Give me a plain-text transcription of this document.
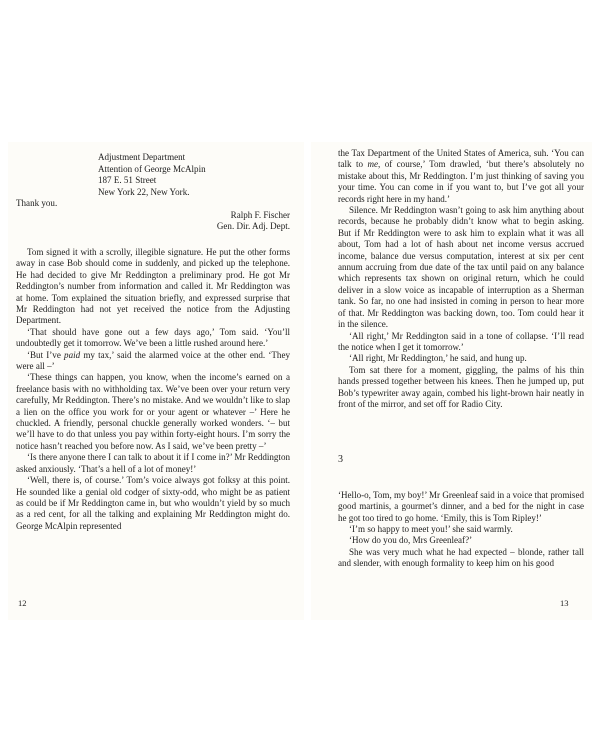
Adjustment Department
Attention of George McAlpin
187 E. 51 Street
New York 22, New York.

Thank you.

Ralph F. Fischer
Gen. Dir. Adj. Dept.

Tom signed it with a scrolly, illegible signature. He put the other forms away in case Bob should come in suddenly, and picked up the telephone. He had decided to give Mr Reddington a preliminary prod. He got Mr Reddington’s number from information and called it. Mr Reddington was at home. Tom explained the situation briefly, and expressed surprise that Mr Reddington had not yet received the notice from the Adjusting Department.

‘That should have gone out a few days ago,’ Tom said. ‘You’ll undoubtedly get it tomorrow. We’ve been a little rushed around here.’

‘But I’ve paid my tax,’ said the alarmed voice at the other end. ‘They were all –’

‘These things can happen, you know, when the income’s earned on a freelance basis with no withholding tax. We’ve been over your return very carefully, Mr Reddington. There’s no mistake. And we wouldn’t like to slap a lien on the office you work for or your agent or whatever –’ Here he chuckled. A friendly, personal chuckle generally worked wonders. ‘– but we’ll have to do that unless you pay within forty-eight hours. I’m sorry the notice hasn’t reached you before now. As I said, we’ve been pretty –’

‘Is there anyone there I can talk to about it if I come in?’ Mr Reddington asked anxiously. ‘That’s a hell of a lot of money!’

‘Well, there is, of course.’ Tom’s voice always got folksy at this point. He sounded like a genial old codger of sixty-odd, who might be as patient as could be if Mr Reddington came in, but who wouldn’t yield by so much as a red cent, for all the talking and explaining Mr Reddington might do. George McAlpin represented

the Tax Department of the United States of America, suh. ‘You can talk to me, of course,’ Tom drawled, ‘but there’s absolutely no mistake about this, Mr Reddington. I’m just thinking of saving you your time. You can come in if you want to, but I’ve got all your records right here in my hand.’

Silence. Mr Reddington wasn’t going to ask him anything about records, because he probably didn’t know what to begin asking. But if Mr Reddington were to ask him to explain what it was all about, Tom had a lot of hash about net income versus accrued income, balance due versus computation, interest at six per cent annum accruing from due date of the tax until paid on any balance which represents tax shown on original return, which he could deliver in a slow voice as incapable of interruption as a Sherman tank. So far, no one had insisted in coming in person to hear more of that. Mr Reddington was backing down, too. Tom could hear it in the silence.

‘All right,’ Mr Reddington said in a tone of collapse. ‘I’ll read the notice when I get it tomorrow.’

‘All right, Mr Reddington,’ he said, and hung up.

Tom sat there for a moment, giggling, the palms of his thin hands pressed together between his knees. Then he jumped up, put Bob’s typewriter away again, combed his light-brown hair neatly in front of the mirror, and set off for Radio City.

3

‘Hello-o, Tom, my boy!’ Mr Greenleaf said in a voice that promised good martinis, a gourmet’s dinner, and a bed for the night in case he got too tired to go home. ‘Emily, this is Tom Ripley!’

‘I’m so happy to meet you!’ she said warmly.

‘How do you do, Mrs Greenleaf?’

She was very much what he had expected – blonde, rather tall and slender, with enough formality to keep him on his good

12	13
